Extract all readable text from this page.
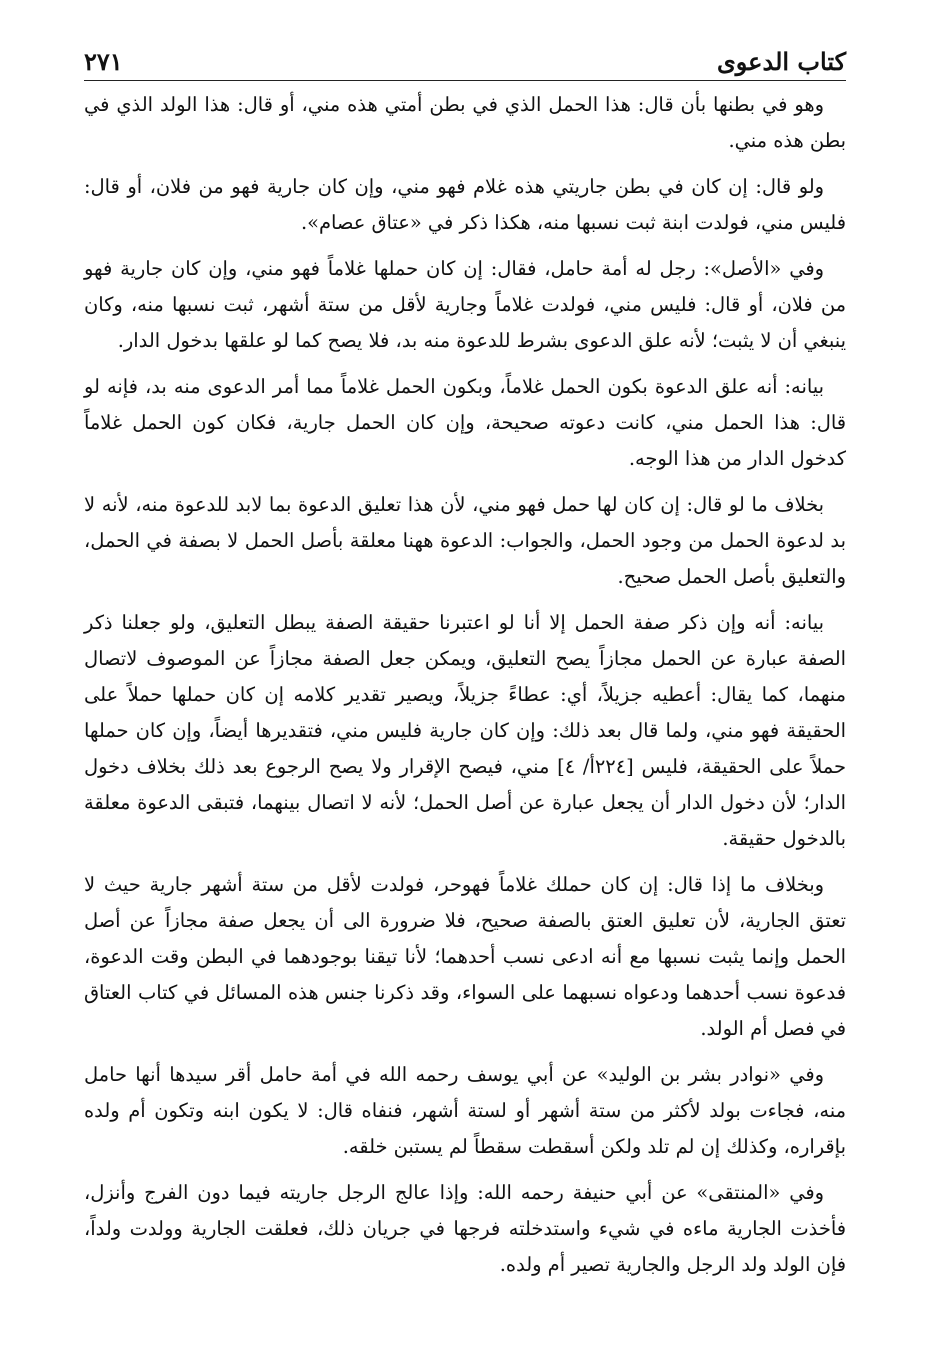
كتاب الدعوى
٢٧١

وهو في بطنها بأن قال: هذا الحمل الذي في بطن أمتي هذه مني، أو قال: هذا الولد الذي في بطن هذه مني.

ولو قال: إن كان في بطن جاريتي هذه غلام فهو مني، وإن كان جارية فهو من فلان، أو قال: فليس مني، فولدت ابنة ثبت نسبها منه، هكذا ذكر في «عتاق عصام».

وفي «الأصل»: رجل له أمة حامل، فقال: إن كان حملها غلاماً فهو مني، وإن كان جارية فهو من فلان، أو قال: فليس مني، فولدت غلاماً وجارية لأقل من ستة أشهر، ثبت نسبها منه، وكان ينبغي أن لا يثبت؛ لأنه علق الدعوى بشرط للدعوة منه بد، فلا يصح كما لو علقها بدخول الدار.

بيانه: أنه علق الدعوة بكون الحمل غلاماً، وبكون الحمل غلاماً مما أمر الدعوى منه بد، فإنه لو قال: هذا الحمل مني، كانت دعوته صحيحة، وإن كان الحمل جارية، فكان كون الحمل غلاماً كدخول الدار من هذا الوجه.

بخلاف ما لو قال: إن كان لها حمل فهو مني، لأن هذا تعليق الدعوة بما لابد للدعوة منه، لأنه لا بد لدعوة الحمل من وجود الحمل، والجواب: الدعوة ههنا معلقة بأصل الحمل لا بصفة في الحمل، والتعليق بأصل الحمل صحيح.

بيانه: أنه وإن ذكر صفة الحمل إلا أنا لو اعتبرنا حقيقة الصفة يبطل التعليق، ولو جعلنا ذكر الصفة عبارة عن الحمل مجازاً يصح التعليق، ويمكن جعل الصفة مجازاً عن الموصوف لاتصال منهما، كما يقال: أعطيه جزيلاً، أي: عطاءً جزيلاً، ويصير تقدير كلامه إن كان حملها حملاً على الحقيقة فهو مني، ولما قال بعد ذلك: وإن كان جارية فليس مني، فتقديرها أيضاً، وإن كان حملها حملاً على الحقيقة، فليس [٢٢٤أ/ ٤] مني، فيصح الإقرار ولا يصح الرجوع بعد ذلك بخلاف دخول الدار؛ لأن دخول الدار أن يجعل عبارة عن أصل الحمل؛ لأنه لا اتصال بينهما، فتبقى الدعوة معلقة بالدخول حقيقة.

وبخلاف ما إذا قال: إن كان حملك غلاماً فهوحر، فولدت لأقل من ستة أشهر جارية حيث لا تعتق الجارية، لأن تعليق العتق بالصفة صحيح، فلا ضرورة الى أن يجعل صفة مجازاً عن أصل الحمل وإنما يثبت نسبها مع أنه ادعى نسب أحدهما؛ لأنا تيقنا بوجودهما في البطن وقت الدعوة، فدعوة نسب أحدهما ودعواه نسبهما على السواء، وقد ذكرنا جنس هذه المسائل في كتاب العتاق في فصل أم الولد.

وفي «نوادر بشر بن الوليد» عن أبي يوسف رحمه الله في أمة حامل أقر سيدها أنها حامل منه، فجاءت بولد لأكثر من ستة أشهر أو لستة أشهر، فنفاه قال: لا يكون ابنه وتكون أم ولده بإقراره، وكذلك إن لم تلد ولكن أسقطت سقطاً لم يستبن خلقه.

وفي «المنتقى» عن أبي حنيفة رحمه الله: وإذا عالج الرجل جاريته فيما دون الفرج وأنزل، فأخذت الجارية ماءه في شيء واستدخلته فرجها في جريان ذلك، فعلقت الجارية وولدت ولداً، فإن الولد ولد الرجل والجارية تصير أم ولده.
